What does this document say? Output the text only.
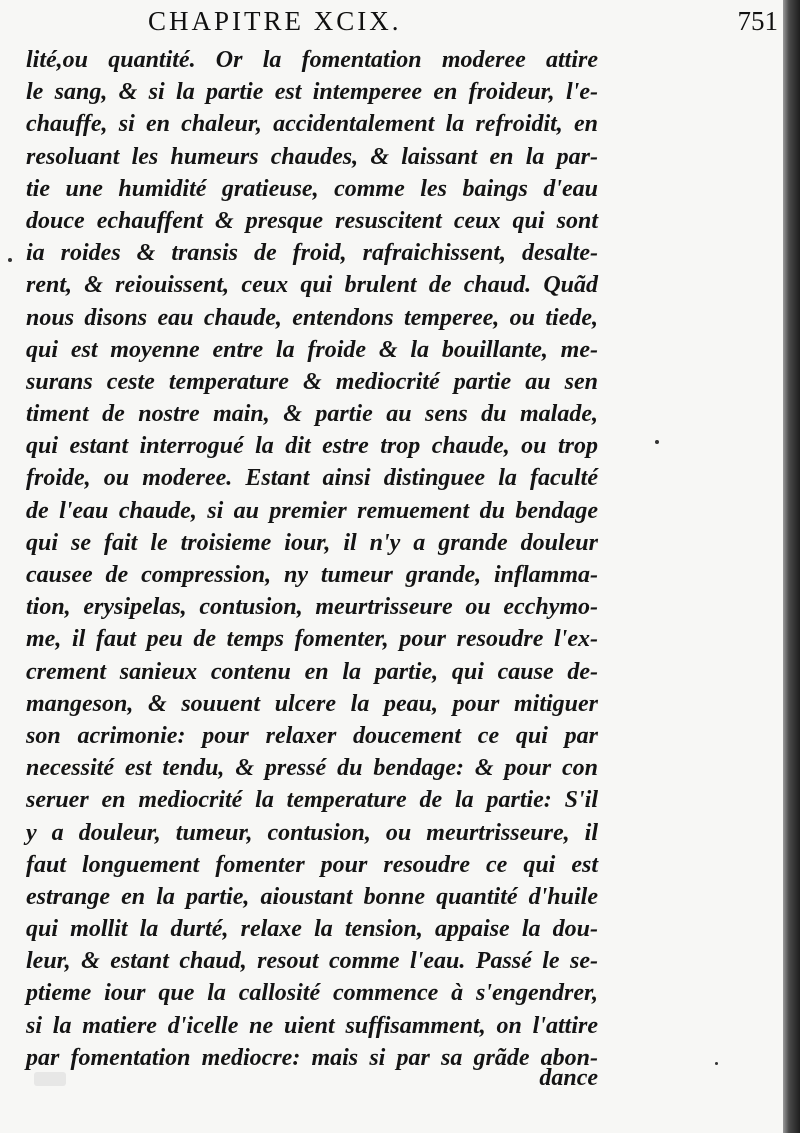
CHAPITRE XCIX.	751
lité,ou quantité. Or la fomentation moderee attire
le sang, & si la partie est intemperee en froideur, l'e-
chauffe, si en chaleur, accidentalement la refroidit, en
resoluant les humeurs chaudes, & laissant en la par-
tie une humidité gratieuse, comme les baings d'eau
douce echauffent & presque resuscitent ceux qui sont
ia roides & transis de froid, rafraichissent, desalte-
rent, & reiouissent, ceux qui brulent de chaud. Quãd
nous disons eau chaude, entendons temperee, ou tiede,
qui est moyenne entre la froide & la bouillante, me-
surans ceste temperature & mediocrité partie au sen
timent de nostre main, & partie au sens du malade,
qui estant interrogué la dit estre trop chaude, ou trop
froide, ou moderee. Estant ainsi distinguee la faculté
de l'eau chaude, si au premier remuement du bendage
qui se fait le troisieme iour, il n'y a grande douleur
causee de compression, ny tumeur grande, inflamma-
tion, erysipelas, contusion, meurtrisseure ou ecchymo-
me, il faut peu de temps fomenter, pour resoudre l'ex-
crement sanieux contenu en la partie, qui cause de-
mangeson, & souuent ulcere la peau, pour mitiguer
son acrimonie: pour relaxer doucement ce qui par
necessité est tendu, & pressé du bendage: & pour con
seruer en mediocrité la temperature de la partie: S'il
y a douleur, tumeur, contusion, ou meurtrisseure, il
faut longuement fomenter pour resoudre ce qui est
estrange en la partie, aioustant bonne quantité d'huile
qui mollit la durté, relaxe la tension, appaise la dou-
leur, & estant chaud, resout comme l'eau. Passé le se-
ptieme iour que la callosité commence à s'engendrer,
si la matiere d'icelle ne uient suffisamment, on l'attire
par fomentation mediocre: mais si par sa grãde abon-
dance
